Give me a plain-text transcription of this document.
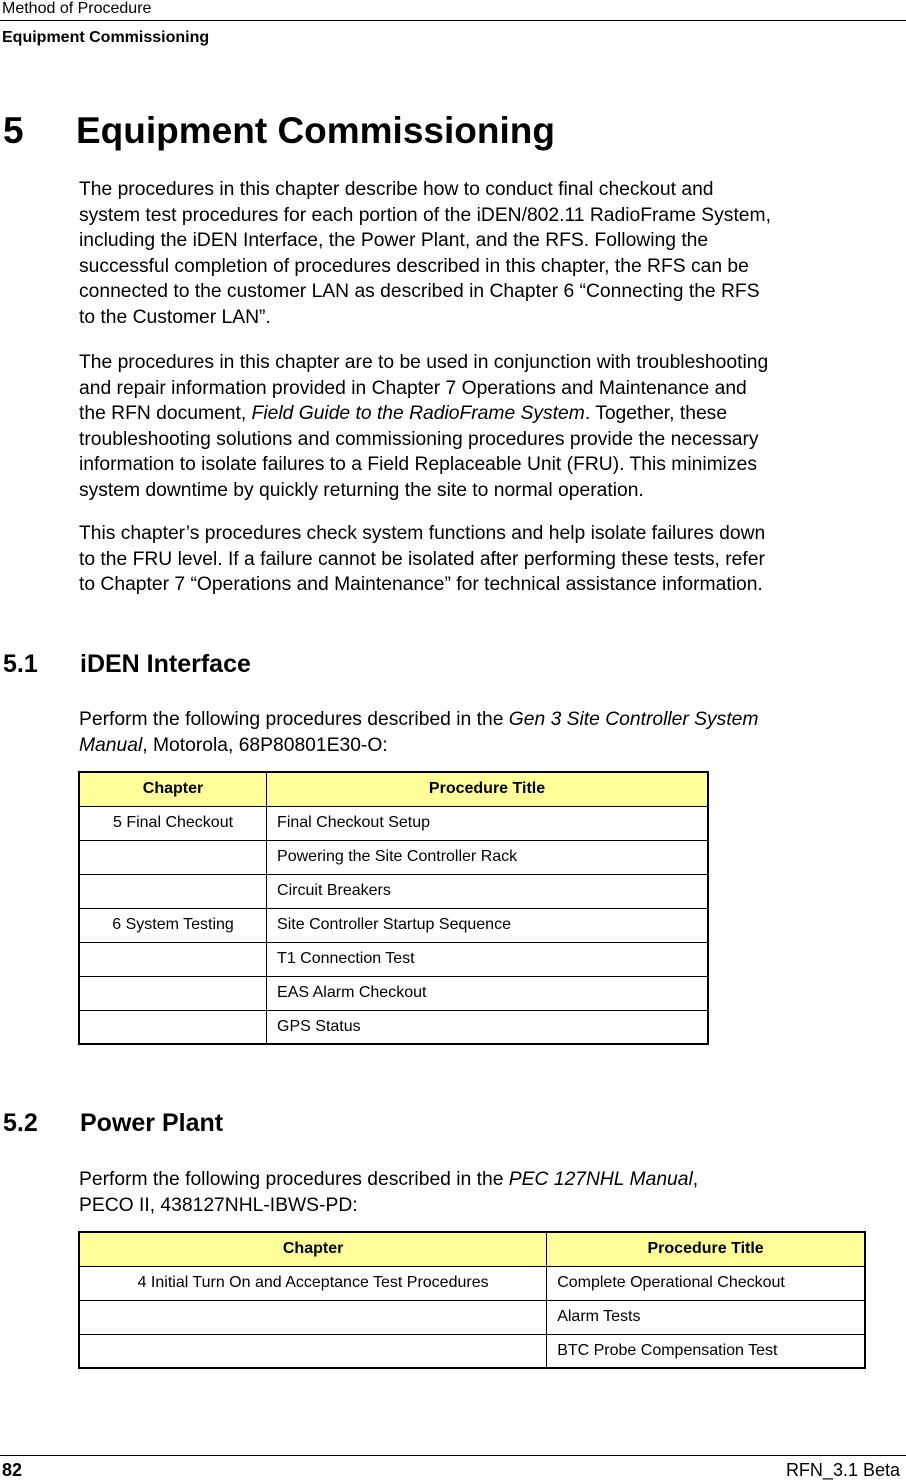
Method of Procedure
Equipment Commissioning
5 Equipment Commissioning
The procedures in this chapter describe how to conduct final checkout and
system test procedures for each portion of the iDEN/802.11 RadioFrame System,
including the iDEN Interface, the Power Plant, and the RFS. Following the
successful completion of procedures described in this chapter, the RFS can be
connected to the customer LAN as described in Chapter 6 “Connecting the RFS
to the Customer LAN”.
The procedures in this chapter are to be used in conjunction with troubleshooting
and repair information provided in Chapter 7 Operations and Maintenance and
the RFN document, Field Guide to the RadioFrame System. Together, these
troubleshooting solutions and commissioning procedures provide the necessary
information to isolate failures to a Field Replaceable Unit (FRU). This minimizes
system downtime by quickly returning the site to normal operation.
This chapter’s procedures check system functions and help isolate failures down
to the FRU level. If a failure cannot be isolated after performing these tests, refer
to Chapter 7 “Operations and Maintenance” for technical assistance information.
5.1 iDEN Interface
Perform the following procedures described in the Gen 3 Site Controller System
Manual, Motorola, 68P80801E30-O:
Chapter	Procedure Title
5 Final Checkout	Final Checkout Setup
	Powering the Site Controller Rack
	Circuit Breakers
6 System Testing	Site Controller Startup Sequence
	T1 Connection Test
	EAS Alarm Checkout
	GPS Status
5.2 Power Plant
Perform the following procedures described in the PEC 127NHL Manual,
PECO II, 438127NHL-IBWS-PD:
Chapter	Procedure Title
4 Initial Turn On and Acceptance Test Procedures	Complete Operational Checkout
	Alarm Tests
	BTC Probe Compensation Test
82	RFN_3.1 Beta
